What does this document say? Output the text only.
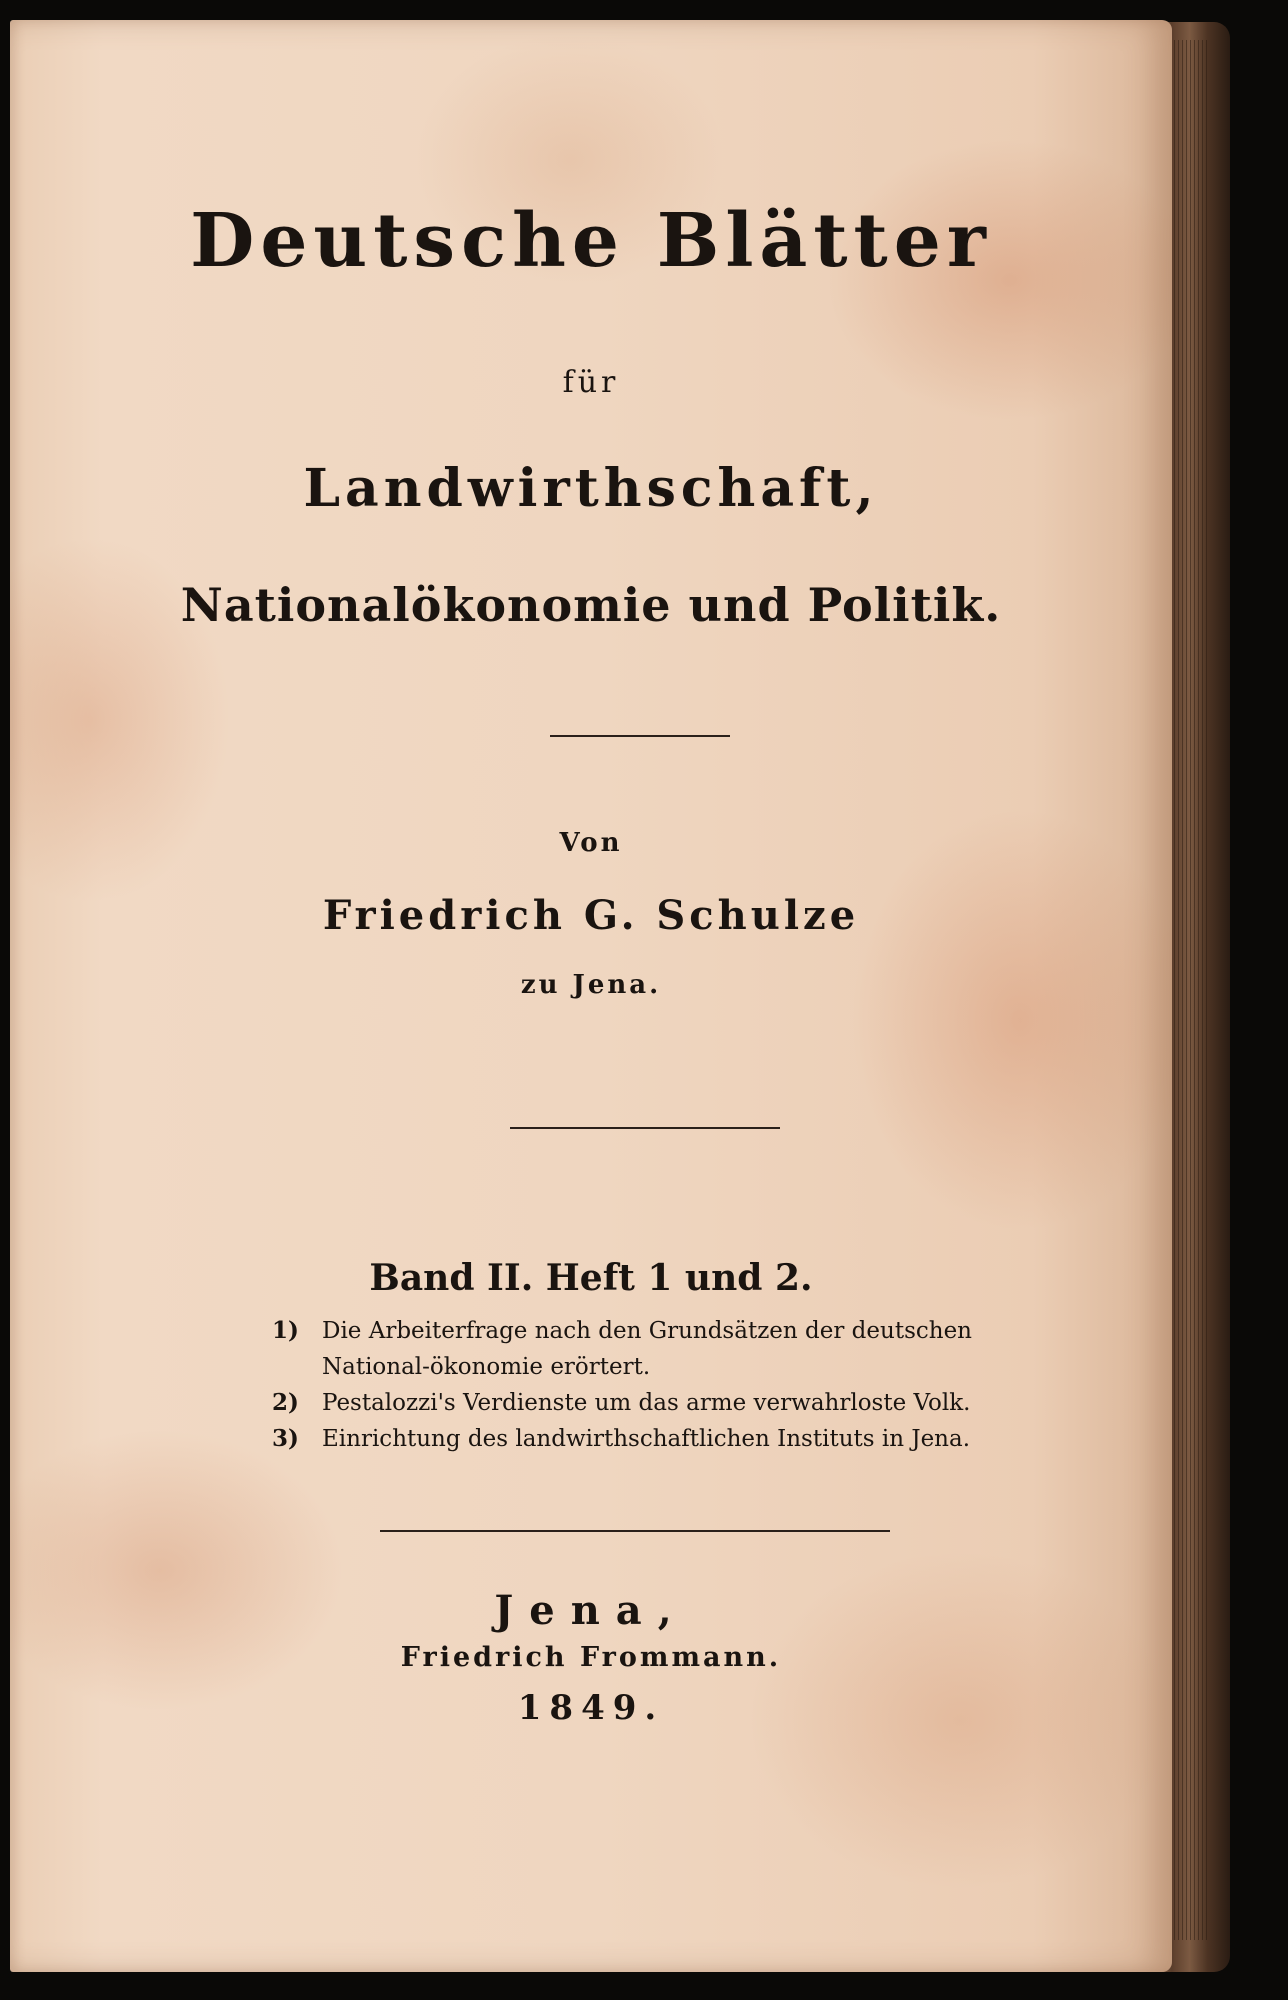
Deutsche Blätter
für
Landwirthschaft,
Nationalökonomie und Politik.
Von
Friedrich G. Schulze
zu Jena.
Band II. Heft 1 und 2.
1) Die Arbeiterfrage nach den Grundsätzen der deutschen National-ökonomie erörtert.
2) Pestalozzi's Verdienste um das arme verwahrloste Volk.
3) Einrichtung des landwirthschaftlichen Instituts in Jena.
Jena,
Friedrich Frommann.
1849.
